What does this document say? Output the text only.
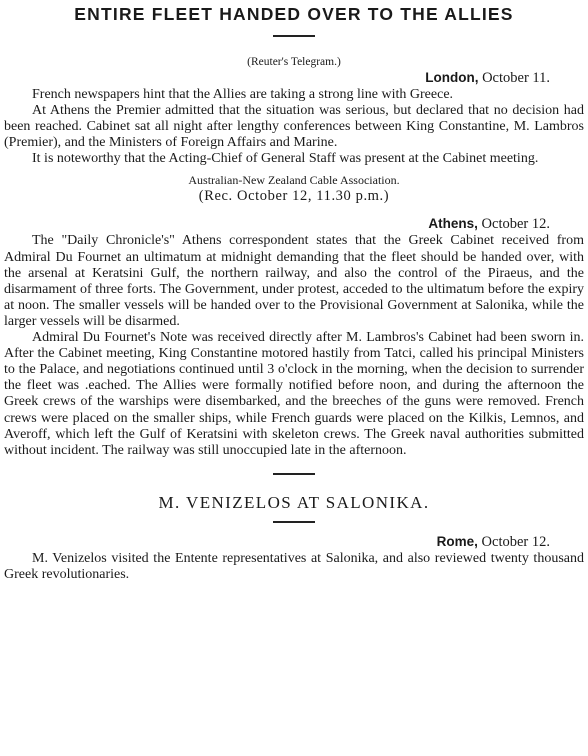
ENTIRE FLEET HANDED OVER TO THE ALLIES
(Reuter's Telegram.)
London, October 11.

French newspapers hint that the Allies are taking a strong line with Greece.

At Athens the Premier admitted that the situation was serious, but declared that no decision had been reached. Cabinet sat all night after lengthy conferences between King Constantine, M. Lambros (Premier), and the Ministers of Foreign Affairs and Marine.

It is noteworthy that the Acting-Chief of General Staff was present at the Cabinet meeting.

Australian-New Zealand Cable Association.
(Rec. October 12, 11.30 p.m.)
Athens, October 12.

The "Daily Chronicle's" Athens correspondent states that the Greek Cabinet received from Admiral Du Fournet an ultimatum at midnight demanding that the fleet should be handed over, with the arsenal at Keratsini Gulf, the northern railway, and also the control of the Piraeus, and the disarmament of three forts. The Government, under protest, acceded to the ultimatum before the expiry at noon. The smaller vessels will be handed over to the Provisional Government at Salonika, while the larger vessels will be disarmed.

Admiral Du Fournet's Note was received directly after M. Lambros's Cabinet had been sworn in. After the Cabinet meeting, King Constantine motored hastily from Tatci, called his principal Ministers to the Palace, and negotiations continued until 3 o'clock in the morning, when the decision to surrender the fleet was .eached. The Allies were formally notified before noon, and during the afternoon the Greek crews of the warships were disembarked, and the breeches of the guns were removed. French crews were placed on the smaller ships, while French guards were placed on the Kilkis, Lemnos, and Averoff, which left the Gulf of Keratsini with skeleton crews. The Greek naval authorities submitted without incident. The railway was still unoccupied late in the afternoon.

M. VENIZELOS AT SALONIKA.
Rome, October 12.

M. Venizelos visited the Entente representatives at Salonika, and also reviewed twenty thousand Greek revolutionaries.
